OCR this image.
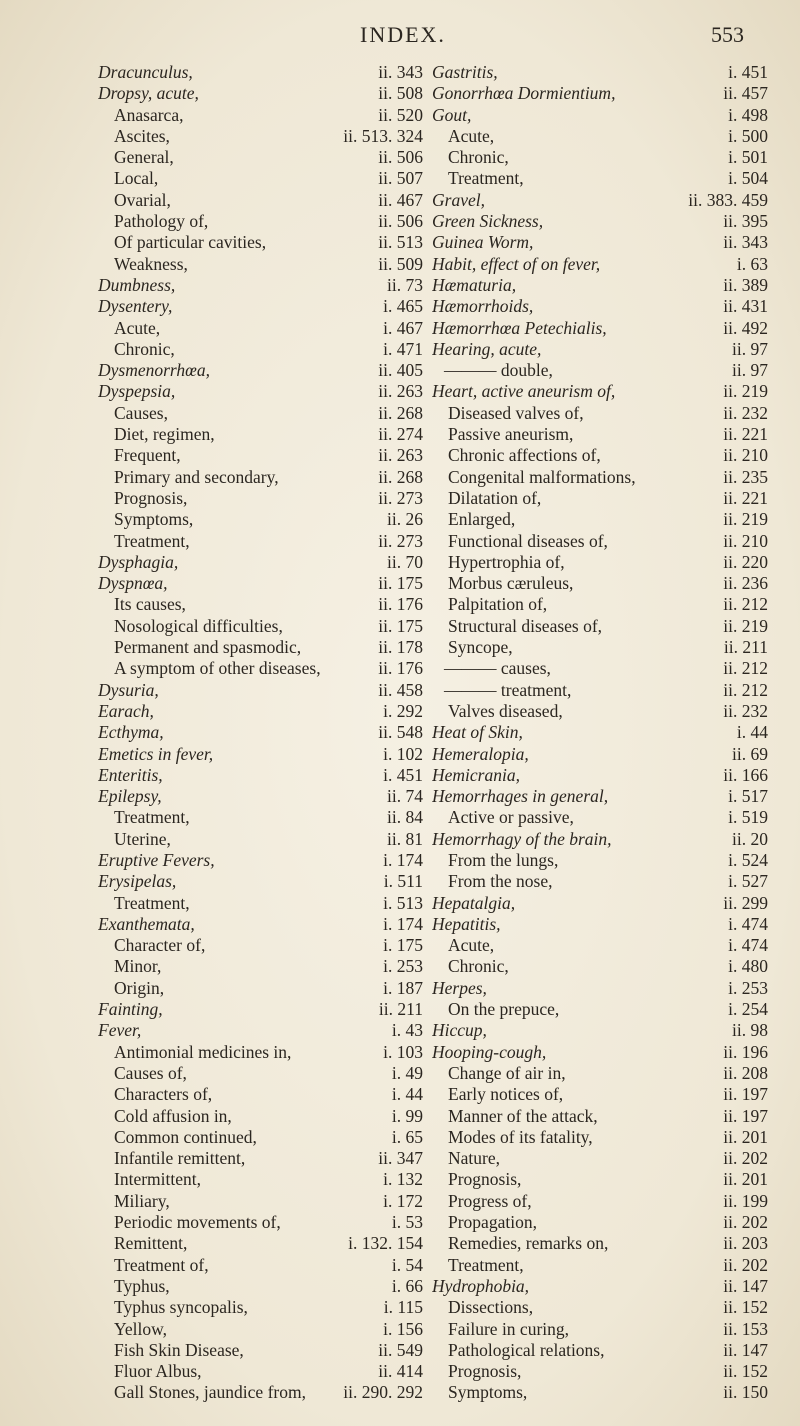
INDEX.	553
Dracunculus,	ii. 343
Dropsy, acute,	ii. 508
Anasarca,	ii. 520
Ascites,	ii. 513. 324
General,	ii. 506
Local,	ii. 507
Ovarial,	ii. 467
Pathology of,	ii. 506
Of particular cavities,	ii. 513
Weakness,	ii. 509
Dumbness,	ii. 73
Dysentery,	i. 465
Acute,	i. 467
Chronic,	i. 471
Dysmenorrhœa,	ii. 405
Dyspepsia,	ii. 263
Causes,	ii. 268
Diet, regimen,	ii. 274
Frequent,	ii. 263
Primary and secondary,	ii. 268
Prognosis,	ii. 273
Symptoms,	ii. 26
Treatment,	ii. 273
Dysphagia,	ii. 70
Dyspnœa,	ii. 175
Its causes,	ii. 176
Nosological difficulties,	ii. 175
Permanent and spasmodic,	ii. 178
A symptom of other diseases,	ii. 176
Dysuria,	ii. 458
Earach,	i. 292
Ecthyma,	ii. 548
Emetics in fever,	i. 102
Enteritis,	i. 451
Epilepsy,	ii. 74
Treatment,	ii. 84
Uterine,	ii. 81
Eruptive Fevers,	i. 174
Erysipelas,	i. 511
Treatment,	i. 513
Exanthemata,	i. 174
Character of,	i. 175
Minor,	i. 253
Origin,	i. 187
Fainting,	ii. 211
Fever,	i. 43
Antimonial medicines in,	i. 103
Causes of,	i. 49
Characters of,	i. 44
Cold affusion in,	i. 99
Common continued,	i. 65
Infantile remittent,	ii. 347
Intermittent,	i. 132
Miliary,	i. 172
Periodic movements of,	i. 53
Remittent,	i. 132. 154
Treatment of,	i. 54
Typhus,	i. 66
Typhus syncopalis,	i. 115
Yellow,	i. 156
Fish Skin Disease,	ii. 549
Fluor Albus,	ii. 414
Gall Stones, jaundice from,	ii. 290. 292
Gastritis,	i. 451
Gonorrhœa Dormientium,	ii. 457
Gout,	i. 498
Acute,	i. 500
Chronic,	i. 501
Treatment,	i. 504
Gravel,	ii. 383. 459
Green Sickness,	ii. 395
Guinea Worm,	ii. 343
Habit, effect of on fever,	i. 63
Hæmaturia,	ii. 389
Hæmorrhoids,	ii. 431
Hæmorrhœa Petechialis,	ii. 492
Hearing, acute,	ii. 97
——— double,	ii. 97
Heart, active aneurism of,	ii. 219
Diseased valves of,	ii. 232
Passive aneurism,	ii. 221
Chronic affections of,	ii. 210
Congenital malformations,	ii. 235
Dilatation of,	ii. 221
Enlarged,	ii. 219
Functional diseases of,	ii. 210
Hypertrophia of,	ii. 220
Morbus cæruleus,	ii. 236
Palpitation of,	ii. 212
Structural diseases of,	ii. 219
Syncope,	ii. 211
——— causes,	ii. 212
——— treatment,	ii. 212
Valves diseased,	ii. 232
Heat of Skin,	i. 44
Hemeralopia,	ii. 69
Hemicrania,	ii. 166
Hemorrhages in general,	i. 517
Active or passive,	i. 519
Hemorrhagy of the brain,	ii. 20
From the lungs,	i. 524
From the nose,	i. 527
Hepatalgia,	ii. 299
Hepatitis,	i. 474
Acute,	i. 474
Chronic,	i. 480
Herpes,	i. 253
On the prepuce,	i. 254
Hiccup,	ii. 98
Hooping-cough,	ii. 196
Change of air in,	ii. 208
Early notices of,	ii. 197
Manner of the attack,	ii. 197
Modes of its fatality,	ii. 201
Nature,	ii. 202
Prognosis,	ii. 201
Progress of,	ii. 199
Propagation,	ii. 202
Remedies, remarks on,	ii. 203
Treatment,	ii. 202
Hydrophobia,	ii. 147
Dissections,	ii. 152
Failure in curing,	ii. 153
Pathological relations,	ii. 147
Prognosis,	ii. 152
Symptoms,	ii. 150
